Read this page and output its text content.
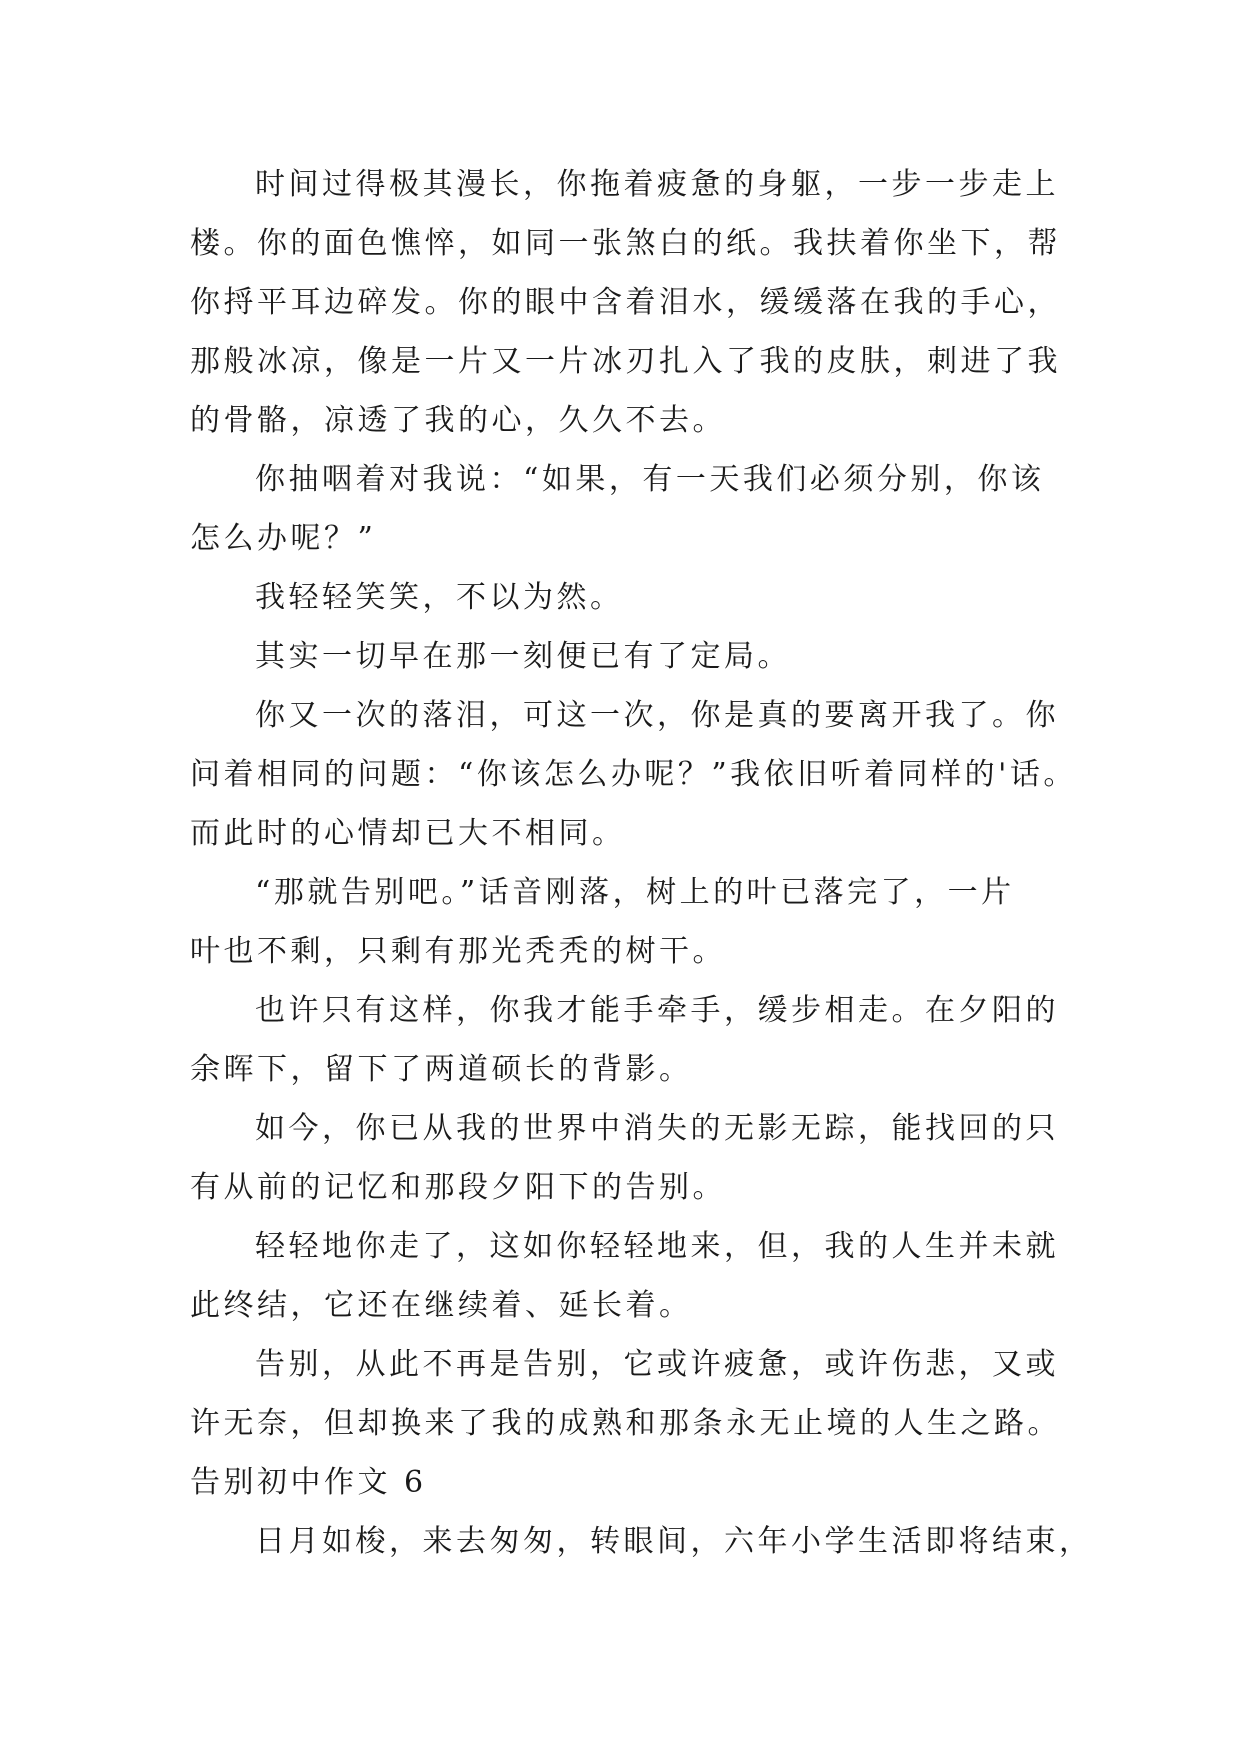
时间过得极其漫长，你拖着疲惫的身躯，一步一步走上
楼。你的面色憔悴，如同一张煞白的纸。我扶着你坐下，帮
你捋平耳边碎发。你的眼中含着泪水，缓缓落在我的手心，
那般冰凉，像是一片又一片冰刃扎入了我的皮肤，刺进了我
的骨骼，凉透了我的心，久久不去。
你抽咽着对我说：“如果，有一天我们必须分别，你该
怎么办呢？”
我轻轻笑笑，不以为然。
其实一切早在那一刻便已有了定局。
你又一次的落泪，可这一次，你是真的要离开我了。你
问着相同的问题：“你该怎么办呢？”我依旧听着同样的'话。
而此时的心情却已大不相同。
“那就告别吧。”话音刚落，树上的叶已落完了，一片
叶也不剩，只剩有那光秃秃的树干。
也许只有这样，你我才能手牵手，缓步相走。在夕阳的
余晖下，留下了两道硕长的背影。
如今，你已从我的世界中消失的无影无踪，能找回的只
有从前的记忆和那段夕阳下的告别。
轻轻地你走了，这如你轻轻地来，但，我的人生并未就
此终结，它还在继续着、延长着。
告别，从此不再是告别，它或许疲惫，或许伤悲，又或
许无奈，但却换来了我的成熟和那条永无止境的人生之路。
告别初中作文 6
日月如梭，来去匆匆，转眼间，六年小学生活即将结束，
